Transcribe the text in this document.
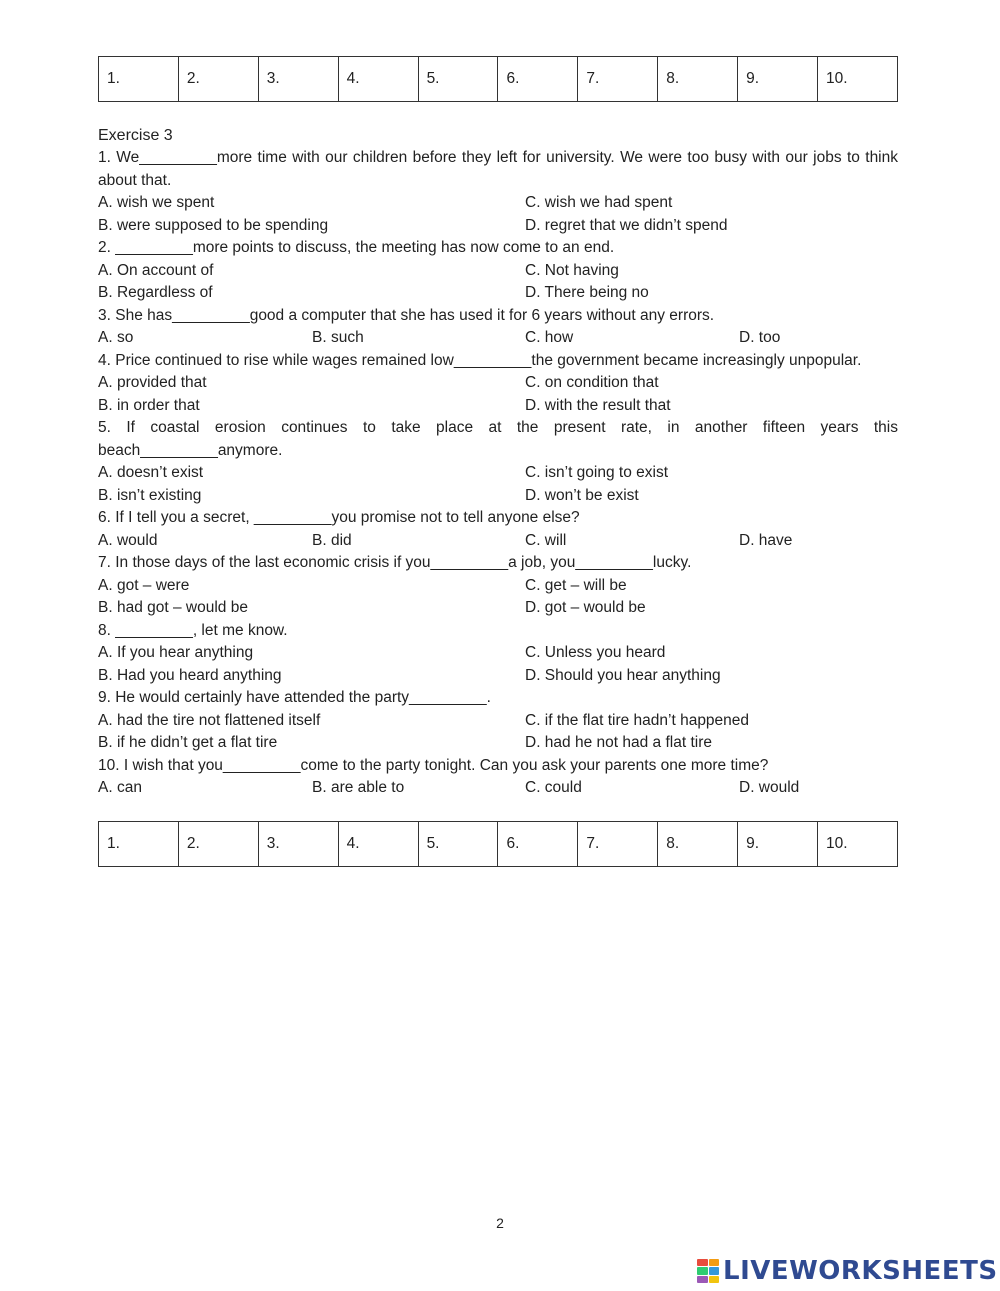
1.	2.	3.	4.	5.	6.	7.	8.	9.	10.
Exercise 3
1. We_________more time with our children before they left for university. We were too busy with our jobs to think about that.
A. wish we spent	C. wish we had spent
B. were supposed to be spending	D. regret that we didn’t spend
2. _________more points to discuss, the meeting has now come to an end.
A. On account of	C. Not having
B. Regardless of	D. There being no
3. She has_________good a computer that she has used it for 6 years without any errors.
A. so	B. such	C. how	D. too
4. Price continued to rise while wages remained low_________the government became increasingly unpopular.
A. provided that	C. on condition that
B. in order that	D. with the result that
5. If coastal erosion continues to take place at the present rate, in another fifteen years this beach_________anymore.
A. doesn’t exist	C. isn’t going to exist
B. isn’t existing	D. won’t be exist
6. If I tell you a secret, _________you promise not to tell anyone else?
A. would	B. did	C. will	D. have
7. In those days of the last economic crisis if you_________a job, you_________lucky.
A. got – were	C. get – will be
B. had got – would be	D. got – would be
8. _________, let me know.
A. If you hear anything	C. Unless you heard
B. Had you heard anything	D. Should you hear anything
9. He would certainly have attended the party_________.
A. had the tire not flattened itself	C. if the flat tire hadn’t happened
B. if he didn’t get a flat tire	D. had he not had a flat tire
10. I wish that you_________come to the party tonight. Can you ask your parents one more time?
A. can	B. are able to	C. could	D. would
1.	2.	3.	4.	5.	6.	7.	8.	9.	10.
2
LIVEWORKSHEETS
